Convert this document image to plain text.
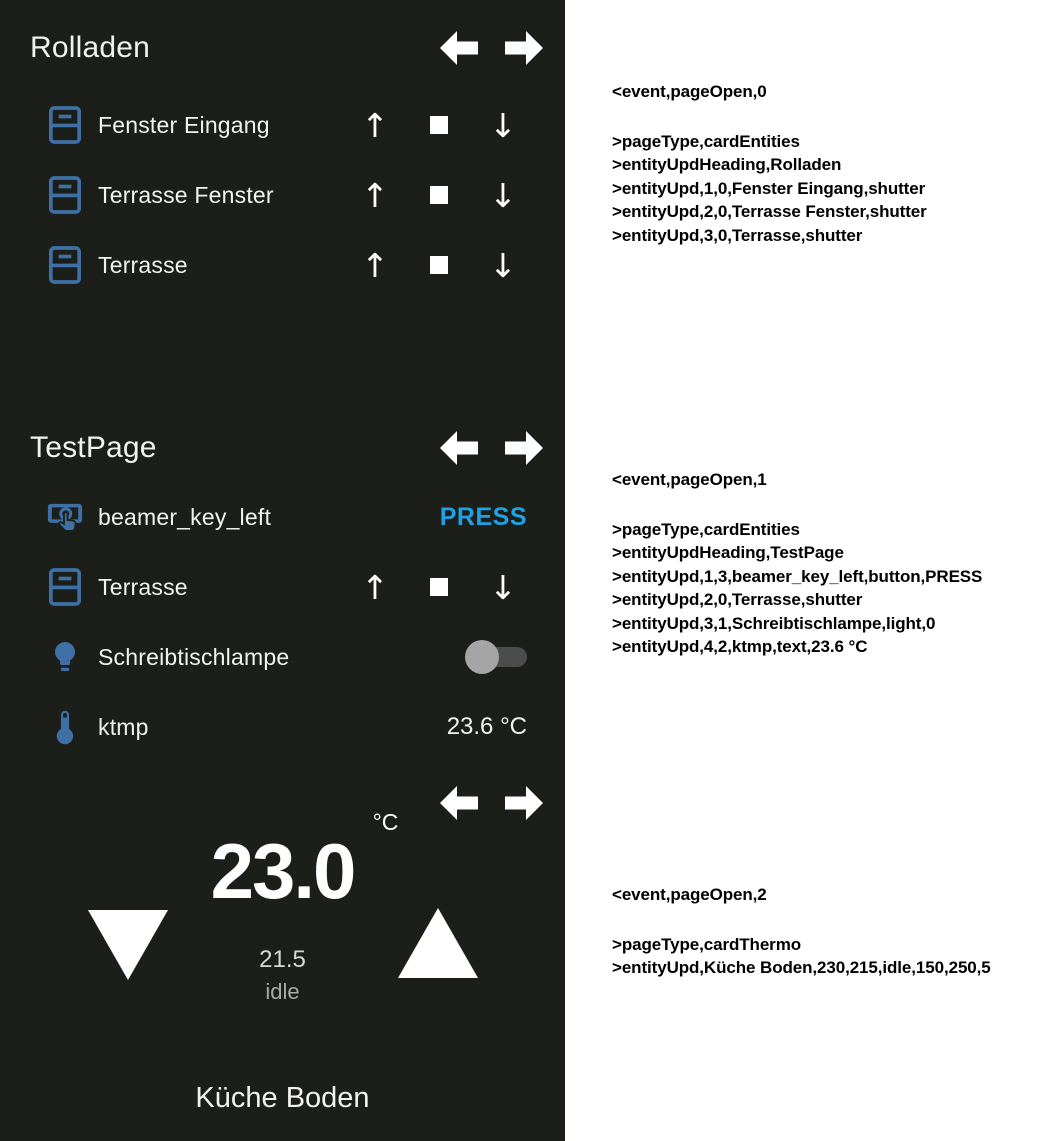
Rolladen
Fenster Eingang	↑	↓
Terrasse Fenster	↑	↓
Terrasse	↑	↓
TestPage
beamer_key_left	PRESS
Terrasse	↑	↓
Schreibtischlampe
ktmp	23.6 °C
23.0
°C
21.5
idle
Küche Boden
<event,pageOpen,0
>pageType,cardEntities
>entityUpdHeading,Rolladen
>entityUpd,1,0,Fenster Eingang,shutter
>entityUpd,2,0,Terrasse Fenster,shutter
>entityUpd,3,0,Terrasse,shutter
<event,pageOpen,1
>pageType,cardEntities
>entityUpdHeading,TestPage
>entityUpd,1,3,beamer_key_left,button,PRESS
>entityUpd,2,0,Terrasse,shutter
>entityUpd,3,1,Schreibtischlampe,light,0
>entityUpd,4,2,ktmp,text,23.6 °C
<event,pageOpen,2
>pageType,cardThermo
>entityUpd,Küche Boden,230,215,idle,150,250,5
